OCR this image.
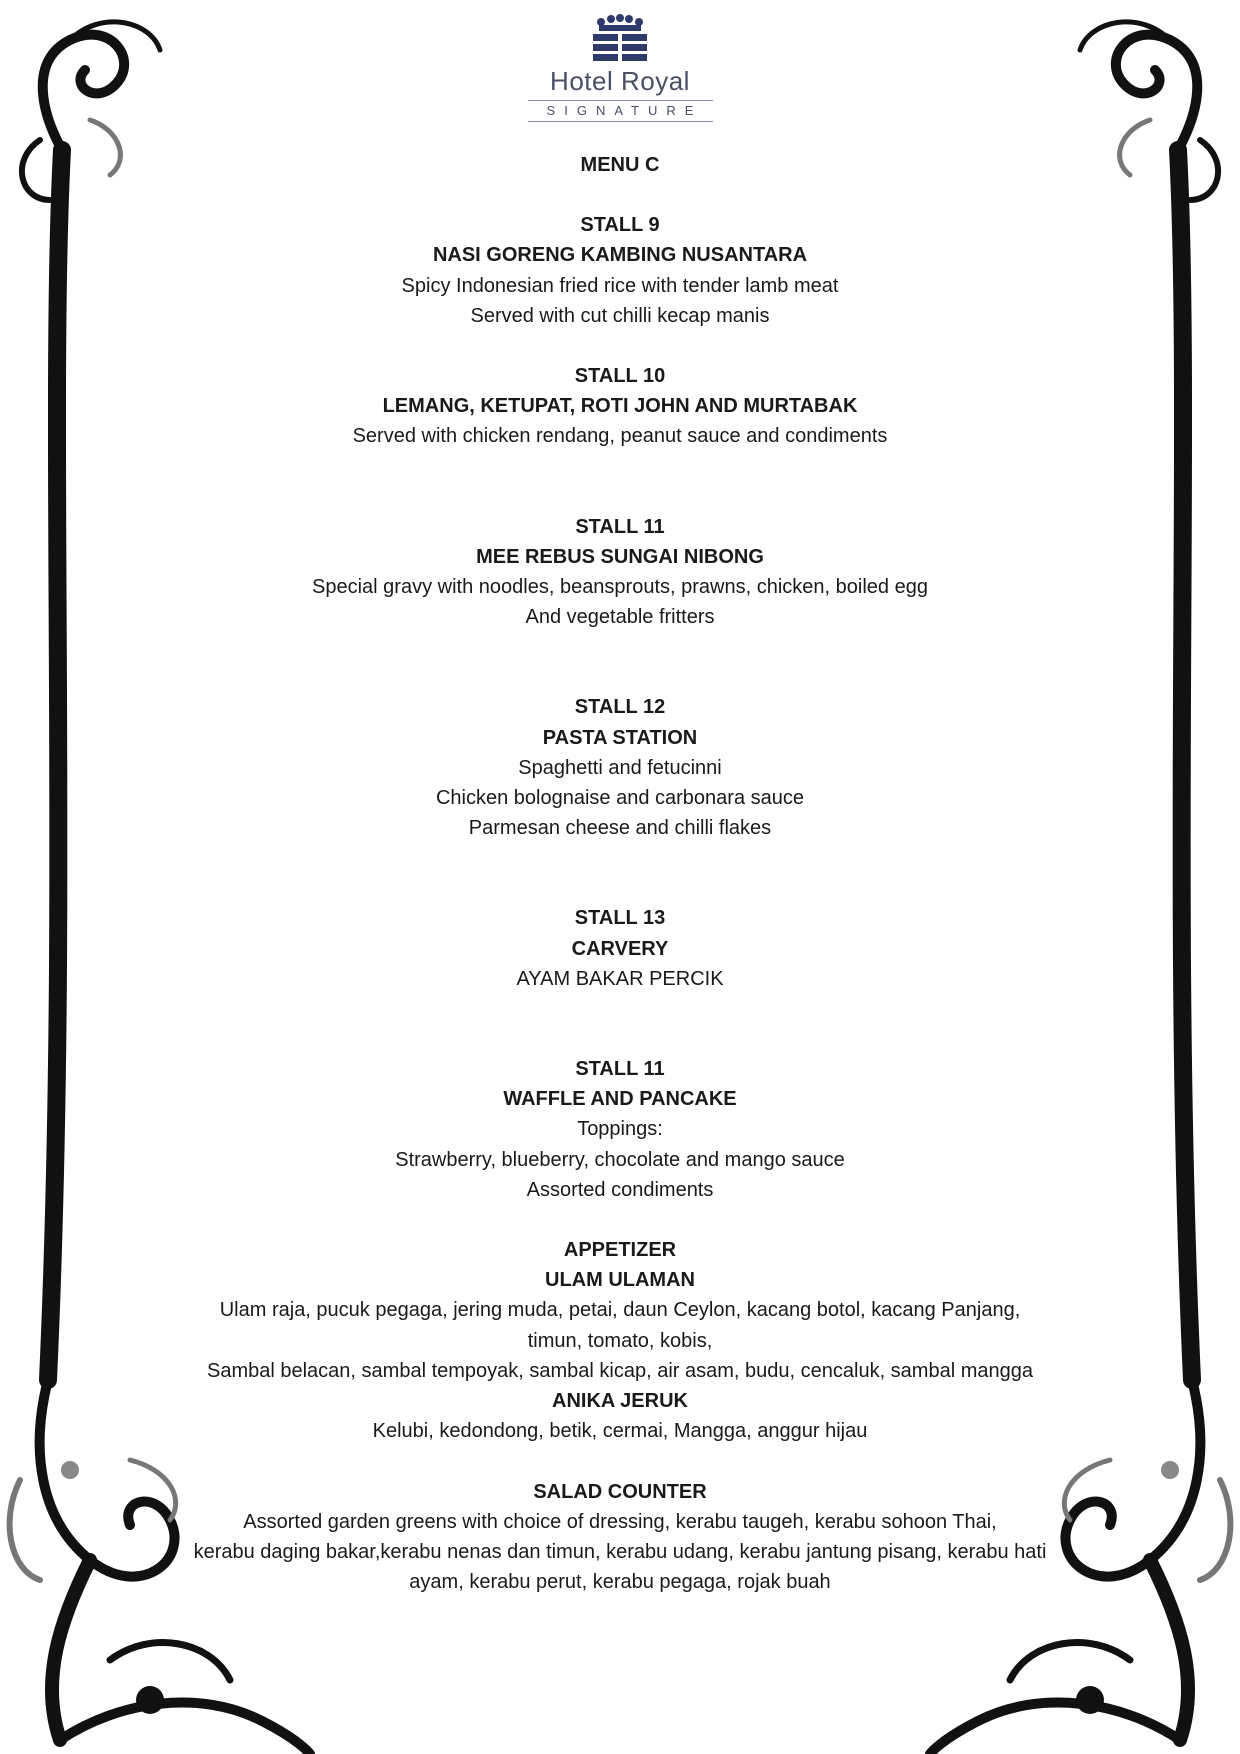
Hotel Royal
SIGNATURE
MENU C
STALL 9
NASI GORENG KAMBING NUSANTARA
Spicy Indonesian fried rice with tender lamb meat
Served with cut chilli kecap manis
STALL 10
LEMANG, KETUPAT, ROTI JOHN AND MURTABAK
Served with chicken rendang, peanut sauce and condiments
STALL 11
MEE REBUS SUNGAI NIBONG
Special gravy with noodles, beansprouts, prawns, chicken, boiled egg
And vegetable fritters
STALL 12
PASTA STATION
Spaghetti and fetucinni
Chicken bolognaise and carbonara sauce
Parmesan cheese and chilli flakes
STALL 13
CARVERY
AYAM BAKAR PERCIK
STALL 11
WAFFLE AND PANCAKE
Toppings:
Strawberry, blueberry, chocolate and mango sauce
Assorted condiments
APPETIZER
ULAM ULAMAN
Ulam raja, pucuk pegaga, jering muda, petai, daun Ceylon, kacang botol, kacang Panjang,
timun, tomato, kobis,
Sambal belacan, sambal tempoyak, sambal kicap, air asam, budu, cencaluk, sambal mangga
ANIKA JERUK
Kelubi, kedondong, betik, cermai, Mangga, anggur hijau
SALAD COUNTER
Assorted garden greens with choice of dressing, kerabu taugeh, kerabu sohoon Thai,
kerabu daging bakar,kerabu nenas dan timun, kerabu udang, kerabu jantung pisang, kerabu hati
ayam, kerabu perut, kerabu pegaga, rojak buah
